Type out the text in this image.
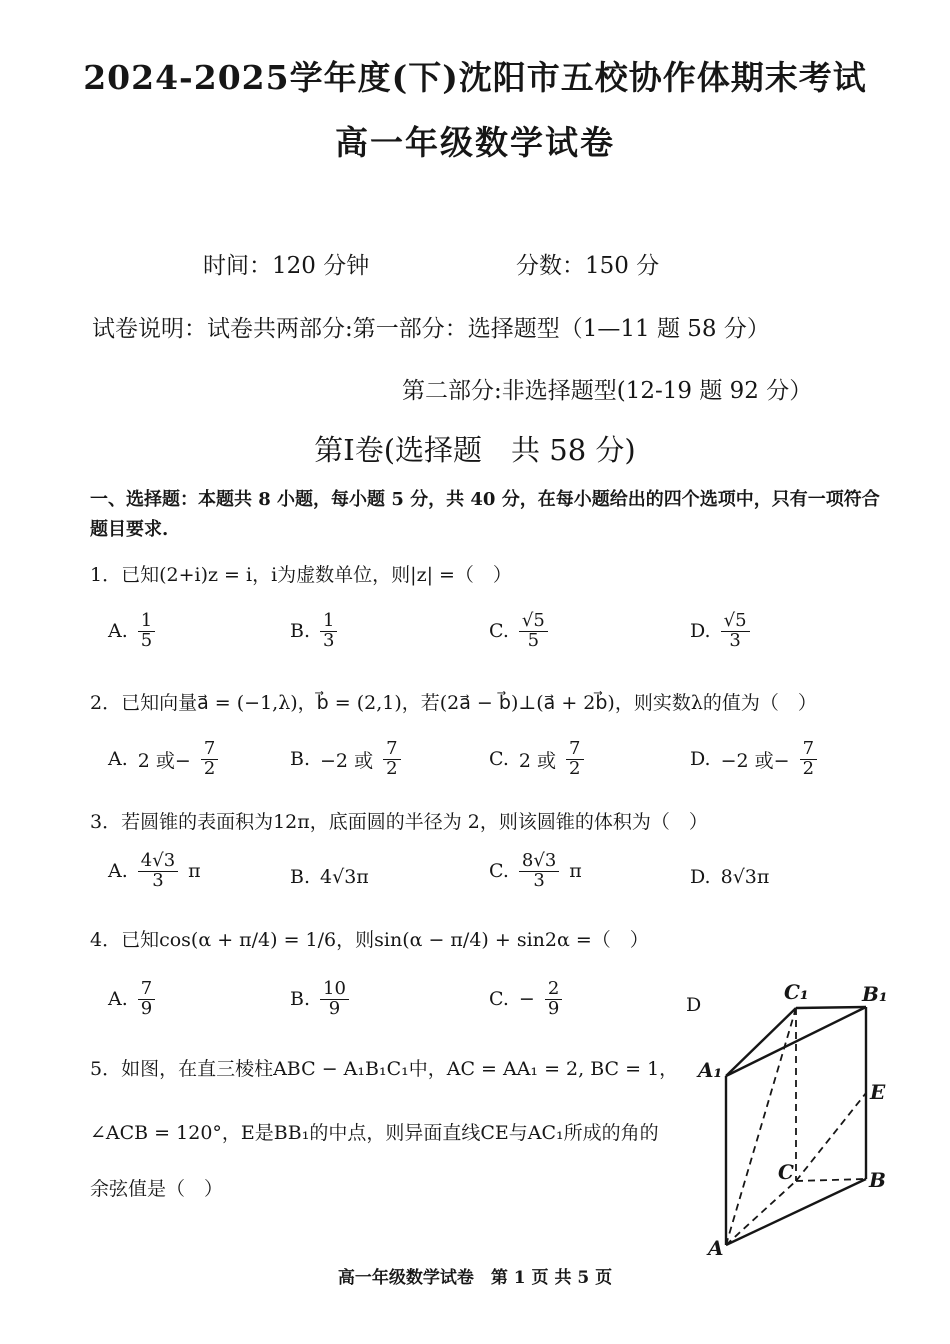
2024-2025学年度(下)沈阳市五校协作体期末考试
高一年级数学试卷
时间：120 分钟	分数：150 分
试卷说明：试卷共两部分:第一部分：选择题型（1—11 题 58 分）
第二部分:非选择题型(12-19 题 92 分）
第Ⅰ卷(选择题　共 58 分)
一、选择题：本题共 8 小题，每小题 5 分，共 40 分，在每小题给出的四个选项中，只有一项符合题目要求.
1．已知(2+i)z = i，i为虚数单位，则|z| =（　）
A. $\frac{1}{5}$	B. $\frac{1}{3}$	C. $\frac{√5}{5}$	D. $\frac{√5}{3}$
2．已知向量a⃗ = (−1,λ)，b⃗ = (2,1)，若(2a⃗ − b⃗)⊥(a⃗ + 2b⃗)，则实数λ的值为（　）
A. 2 或− $\frac{7}{2}$	B. −2 或 $\frac{7}{2}$	C. 2 或 $\frac{7}{2}$	D. −2 或− $\frac{7}{2}$
3．若圆锥的表面积为12π，底面圆的半径为 2，则该圆锥的体积为（　）
A. $\frac{4√3}{3}$ π	B. 4√3π	C. $\frac{8√3}{3}$ π	D. 8√3π
4．已知cos(α + π/4) = 1/6，则sin(α − π/4) + sin2α =（　）
A. $\frac{7}{9}$	B. $\frac{10}{9}$	C. − $\frac{2}{9}$	D
5．如图，在直三棱柱ABC − A₁B₁C₁中，AC = AA₁ = 2, BC = 1，
∠ACB = 120°，E是BB₁的中点，则异面直线CE与AC₁所成的角的
余弦值是（　）
C₁	B₁
A₁
E
C	B
A
高一年级数学试卷　第 1 页 共 5 页
